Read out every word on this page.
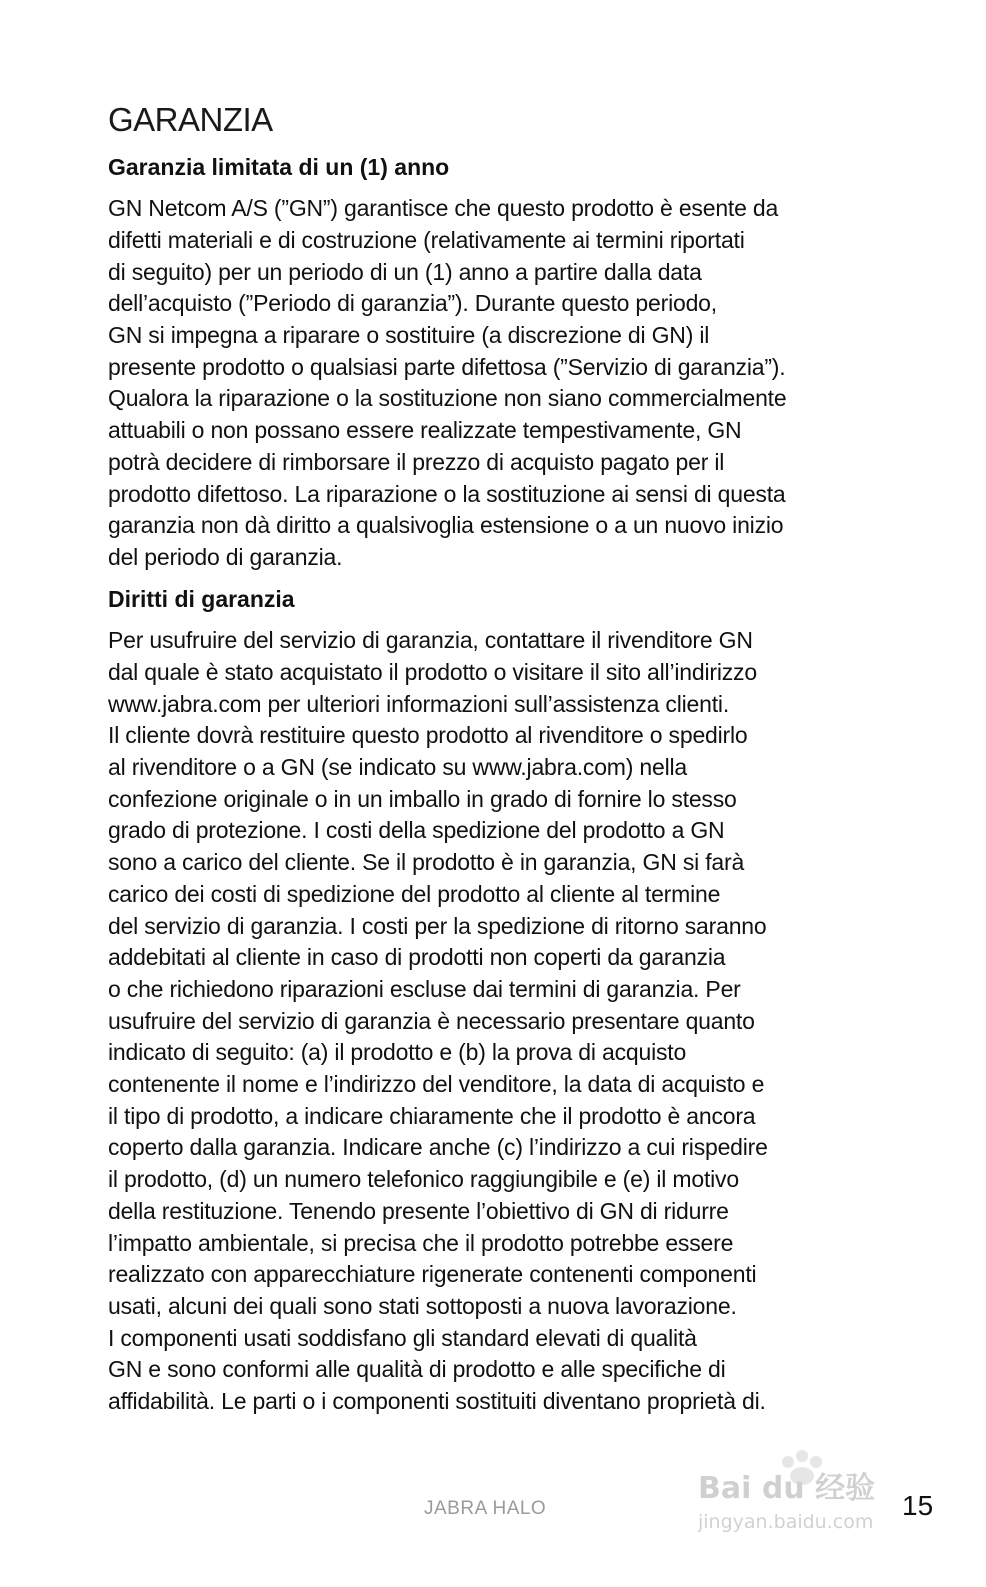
GARANZIA
Garanzia limitata di un (1) anno

GN Netcom A/S (”GN”) garantisce che questo prodotto è esente da
difetti materiali e di costruzione (relativamente ai termini riportati
di seguito) per un periodo di un (1) anno a partire dalla data
dell’acquisto (”Periodo di garanzia”). Durante questo periodo,
GN si impegna a riparare o sostituire (a discrezione di GN) il
presente prodotto o qualsiasi parte difettosa (”Servizio di garanzia”).
Qualora la riparazione o la sostituzione non siano commercialmente
attuabili o non possano essere realizzate tempestivamente, GN
potrà decidere di rimborsare il prezzo di acquisto pagato per il
prodotto difettoso. La riparazione o la sostituzione ai sensi di questa
garanzia non dà diritto a qualsivoglia estensione o a un nuovo inizio
del periodo di garanzia.

Diritti di garanzia

Per usufruire del servizio di garanzia, contattare il rivenditore GN
dal quale è stato acquistato il prodotto o visitare il sito all’indirizzo
www.jabra.com per ulteriori informazioni sull’assistenza clienti.
Il cliente dovrà restituire questo prodotto al rivenditore o spedirlo
al rivenditore o a GN (se indicato su www.jabra.com) nella
confezione originale o in un imballo in grado di fornire lo stesso
grado di protezione. I costi della spedizione del prodotto a GN
sono a carico del cliente. Se il prodotto è in garanzia, GN si farà
carico dei costi di spedizione del prodotto al cliente al termine
del servizio di garanzia. I costi per la spedizione di ritorno saranno
addebitati al cliente in caso di prodotti non coperti da garanzia
o che richiedono riparazioni escluse dai termini di garanzia. Per
usufruire del servizio di garanzia è necessario presentare quanto
indicato di seguito: (a) il prodotto e (b) la prova di acquisto
contenente il nome e l’indirizzo del venditore, la data di acquisto e
il tipo di prodotto, a indicare chiaramente che il prodotto è ancora
coperto dalla garanzia. Indicare anche (c) l’indirizzo a cui rispedire
il prodotto, (d) un numero telefonico raggiungibile e (e) il motivo
della restituzione. Tenendo presente l’obiettivo di GN di ridurre
l’impatto ambientale, si precisa che il prodotto potrebbe essere
realizzato con apparecchiature rigenerate contenenti componenti
usati, alcuni dei quali sono stati sottoposti a nuova lavorazione.
I componenti usati soddisfano gli standard elevati di qualità
GN e sono conformi alle qualità di prodotto e alle specifiche di
affidabilità. Le parti o i componenti sostituiti diventano proprietà di.

Bai du 经验
jingyan.baidu.com
JABRA HALO	15
